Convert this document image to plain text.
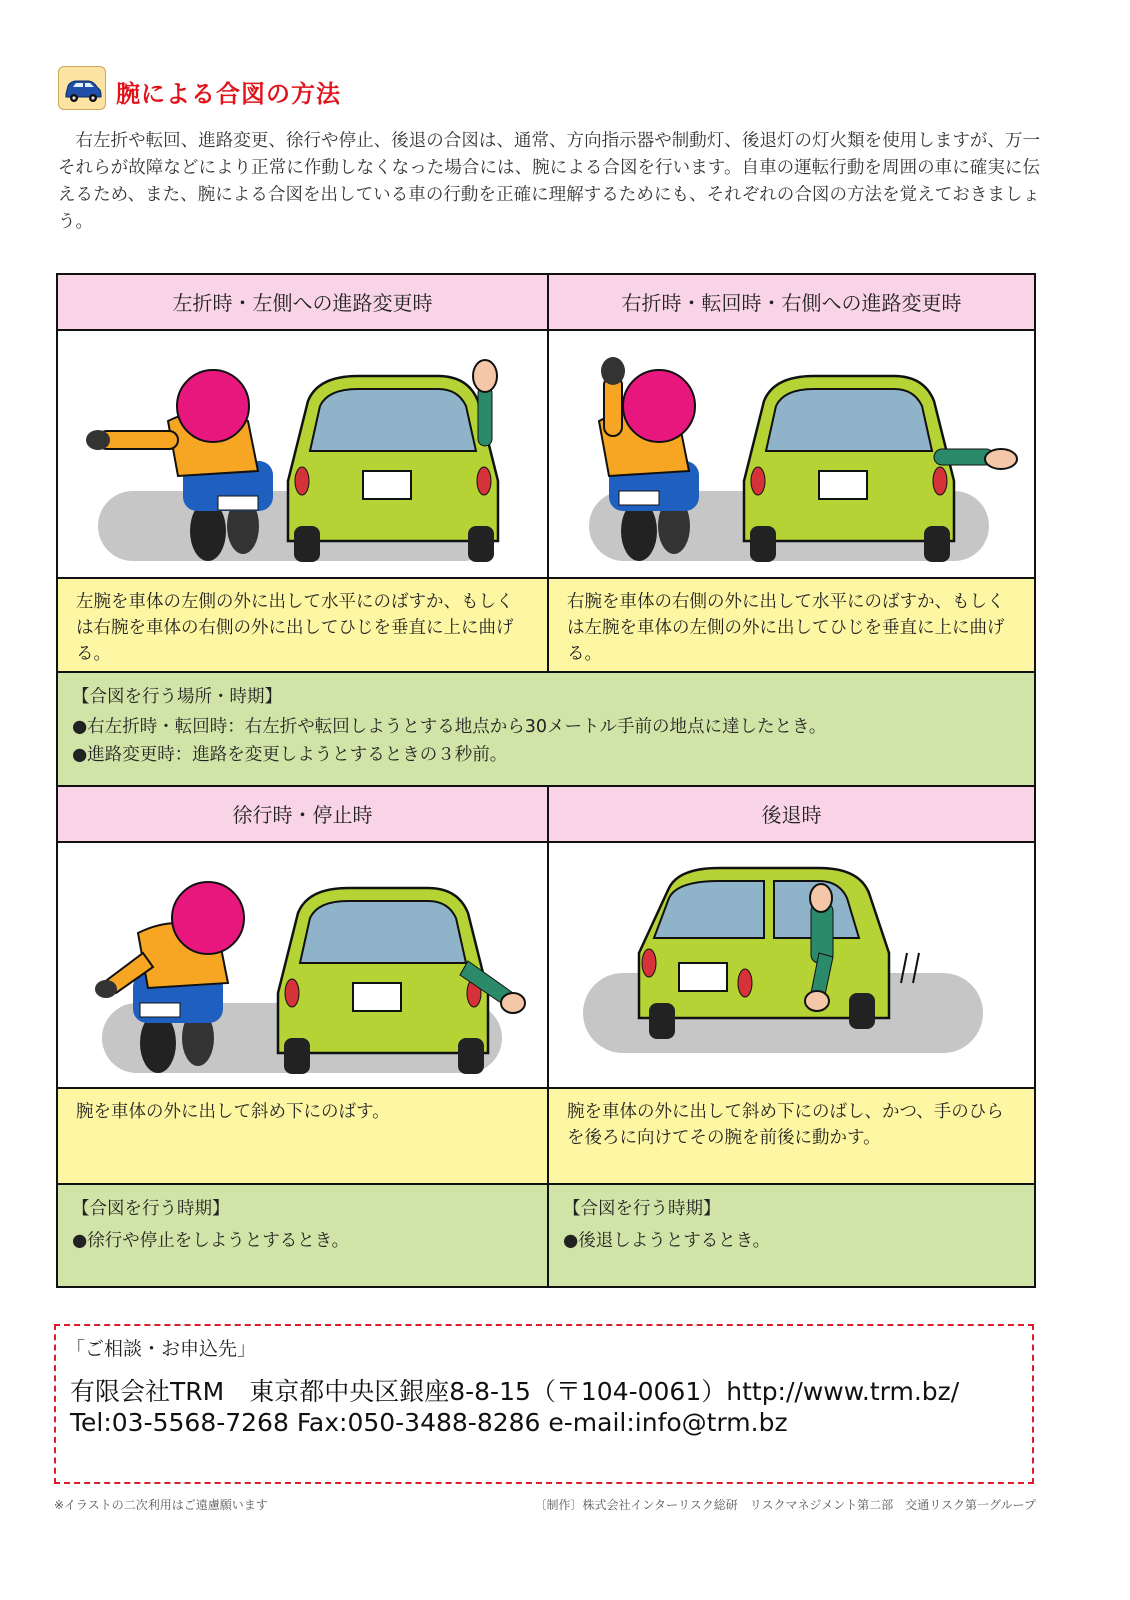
腕による合図の方法
右左折や転回、進路変更、徐行や停止、後退の合図は、通常、方向指示器や制動灯、後退灯の灯火類を使用しますが、万一それらが故障などにより正常に作動しなくなった場合には、腕による合図を行います。自車の運転行動を周囲の車に確実に伝えるため、また、腕による合図を出している車の行動を正確に理解するためにも、それぞれの合図の方法を覚えておきましょう。
左折時・左側への進路変更時	右折時・転回時・右側への進路変更時
左腕を車体の左側の外に出して水平にのばすか、もしくは右腕を車体の右側の外に出してひじを垂直に上に曲げる。
右腕を車体の右側の外に出して水平にのばすか、もしくは左腕を車体の左側の外に出してひじを垂直に上に曲げる。
【合図を行う場所・時期】
●右左折時・転回時：右左折や転回しようとする地点から30メートル手前の地点に達したとき。
●進路変更時：進路を変更しようとするときの３秒前。
徐行時・停止時	後退時
腕を車体の外に出して斜め下にのばす。	腕を車体の外に出して斜め下にのばし、かつ、手のひらを後ろに向けてその腕を前後に動かす。
【合図を行う時期】
●徐行や停止をしようとするとき。
【合図を行う時期】
●後退しようとするとき。
「ご相談・お申込先」
有限会社TRM　東京都中央区銀座8-8-15（〒104-0061）http://www.trm.bz/
Tel:03-5568-7268 Fax:050-3488-8286 e-mail:info@trm.bz
※イラストの二次利用はご遠慮願います	〔制作〕株式会社インターリスク総研　リスクマネジメント第二部　交通リスク第一グループ
